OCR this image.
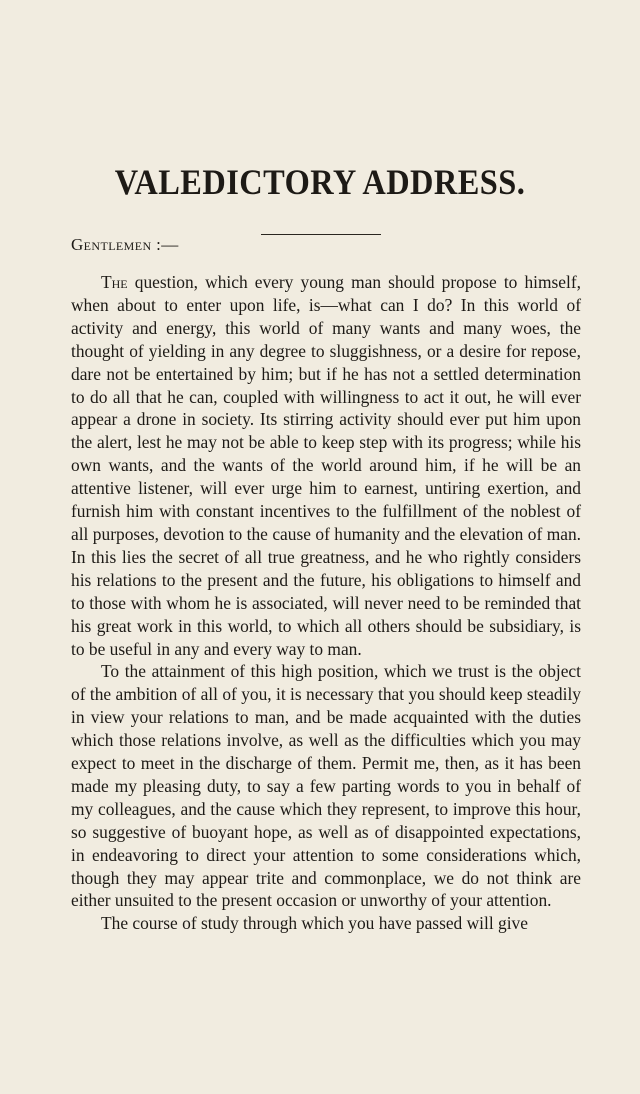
VALEDICTORY ADDRESS.
Gentlemen :—

The question, which every young man should propose to himself, when about to enter upon life, is—what can I do? In this world of activity and energy, this world of many wants and many woes, the thought of yielding in any degree to sluggishness, or a desire for repose, dare not be entertained by him; but if he has not a settled determination to do all that he can, coupled with willingness to act it out, he will ever appear a drone in society. Its stirring activity should ever put him upon the alert, lest he may not be able to keep step with its progress; while his own wants, and the wants of the world around him, if he will be an attentive listener, will ever urge him to earnest, untiring exertion, and furnish him with constant incentives to the fulfillment of the noblest of all purposes, devotion to the cause of humanity and the elevation of man. In this lies the secret of all true greatness, and he who rightly considers his relations to the present and the future, his obligations to himself and to those with whom he is associated, will never need to be reminded that his great work in this world, to which all others should be subsidiary, is to be useful in any and every way to man.

To the attainment of this high position, which we trust is the object of the ambition of all of you, it is necessary that you should keep steadily in view your relations to man, and be made acquainted with the duties which those relations involve, as well as the difficulties which you may expect to meet in the discharge of them. Permit me, then, as it has been made my pleasing duty, to say a few parting words to you in behalf of my colleagues, and the cause which they represent, to improve this hour, so suggestive of buoyant hope, as well as of disappointed expectations, in endeavoring to direct your attention to some considerations which, though they may appear trite and commonplace, we do not think are either unsuited to the present occasion or unworthy of your attention.

The course of study through which you have passed will give
